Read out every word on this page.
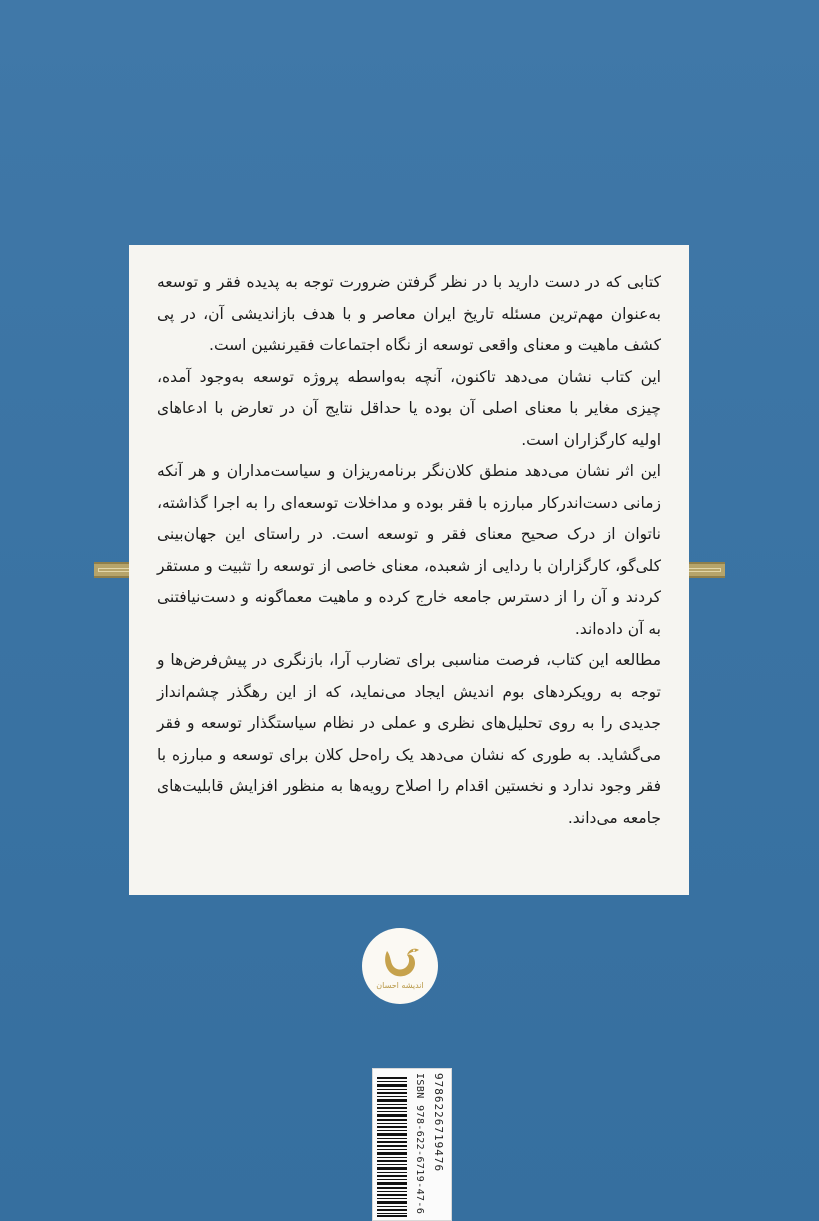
کتابی که در دست دارید با در نظر گرفتن ضرورت توجه به پدیده فقر و توسعه به‌عنوان مهم‌ترین مسئله تاریخ ایران معاصر و با هدف بازاندیشی آن، در پی کشف ماهیت و معنای واقعی توسعه از نگاه اجتماعات فقیرنشین است.

این کتاب نشان می‌دهد تاکنون، آنچه به‌واسطه پروژه توسعه به‌وجود آمده، چیزی مغایر با معنای اصلی آن بوده یا حداقل نتایج آن در تعارض با ادعاهای اولیه کارگزاران است.

این اثر نشان می‌دهد منطق کلان‌نگر برنامه‌ریزان و سیاست‌مداران و هر آنکه زمانی دست‌اندرکار مبارزه با فقر بوده و مداخلات توسعه‌ای را به اجرا گذاشته، ناتوان از درک صحیح معنای فقر و توسعه است. در راستای این جهان‌بینی کلی‌گو، کارگزاران با ردایی از شعبده، معنای خاصی از توسعه را تثبیت و مستقر کردند و آن را از دسترس جامعه خارج کرده و ماهیت معماگونه و دست‌نیافتنی به آن داده‌اند.

مطالعه این کتاب، فرصت مناسبی برای تضارب آرا، بازنگری در پیش‌فرض‌ها و توجه به رویکردهای بوم اندیش ایجاد می‌نماید، که از این رهگذر چشم‌انداز جدیدی را به روی تحلیل‌های نظری و عملی در نظام سیاستگذار توسعه و فقر می‌گشاید. به طوری که نشان می‌دهد یک راه‌حل کلان برای توسعه و مبارزه با فقر وجود ندارد و نخستین اقدام را اصلاح رویه‌ها به منظور افزایش قابلیت‌های جامعه می‌داند.

اندیشه احسان
ISBN 978-622-6719-47-6 9786226719476
